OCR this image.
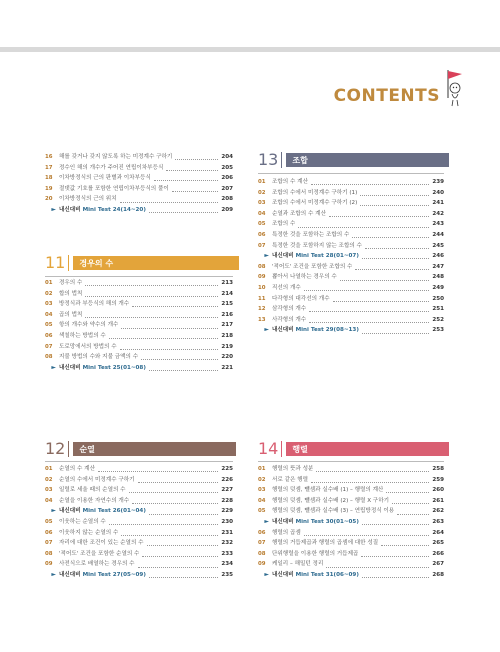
CONTENTS
16	해를 갖거나 갖지 않도록 하는 미정계수 구하기	204
17	정수인 해의 개수가 주어진 연립이차부등식	205
18	이차방정식의 근의 판별과 이차부등식	206
19	절댓값 기호를 포함한 연립이차부등식의 풀이	207
20	이차방정식의 근의 위치	208
► 내신대비 Mini Test 24(14~20)	209
11	경우의 수
01	경우의 수	213
02	합의 법칙	214
03	방정식과 부등식의 해의 개수	215
04	곱의 법칙	216
05	항의 개수와 약수의 개수	217
06	색칠하는 방법의 수	218
07	도로망에서의 방법의 수	219
08	지불 방법의 수와 지불 금액의 수	220
► 내신대비 Mini Test 25(01~08)	221
12	순열
01	순열의 수 계산	225
02	순열의 수에서 미정계수 구하기	226
03	일렬로 세울 때의 순열의 수	227
04	순열을 이용한 자연수의 개수	228
► 내신대비 Mini Test 26(01~04)	229
05	이웃하는 순열의 수	230
06	이웃하지 않는 순열의 수	231
07	자리에 대한 조건이 있는 순열의 수	232
08	'적어도' 조건을 포함한 순열의 수	233
09	사전식으로 배열하는 경우의 수	234
► 내신대비 Mini Test 27(05~09)	235
13	조합
01	조합의 수 계산	239
02	조합의 수에서 미정계수 구하기 (1)	240
03	조합의 수에서 미정계수 구하기 (2)	241
04	순열과 조합의 수 계산	242
05	조합의 수	243
06	특정한 것을 포함하는 조합의 수	244
07	특정한 것을 포함하지 않는 조합의 수	245
► 내신대비 Mini Test 28(01~07)	246
08	'적어도' 조건을 포함한 조합의 수	247
09	뽑아서 나열하는 경우의 수	248
10	직선의 개수	249
11	다각형의 대각선의 개수	250
12	삼각형의 개수	251
13	사각형의 개수	252
► 내신대비 Mini Test 29(08~13)	253
14	행렬
01	행렬의 뜻과 성분	258
02	서로 같은 행렬	259
03	행렬의 덧셈, 뺄셈과 실수배 (1) – 행렬의 계산	260
04	행렬의 덧셈, 뺄셈과 실수배 (2) – 행렬 X 구하기	261
05	행렬의 덧셈, 뺄셈과 실수배 (3) – 연립방정식 이용	262
► 내신대비 Mini Test 30(01~05)	263
06	행렬의 곱셈	264
07	행렬의 거듭제곱과 행렬의 곱셈에 대한 성질	265
08	단위행렬을 이용한 행렬의 거듭제곱	266
09	케일리 – 해밀턴 정리	267
► 내신대비 Mini Test 31(06~09)	268
